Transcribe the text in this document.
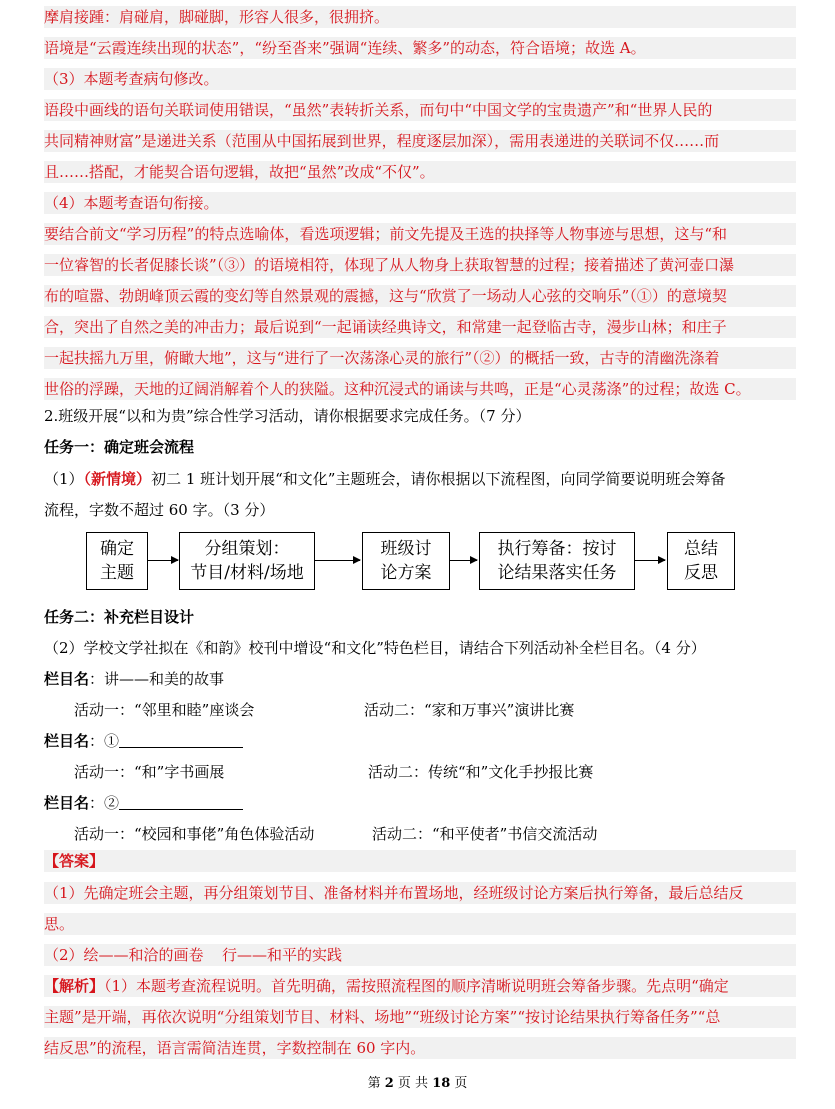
摩肩接踵：肩碰肩，脚碰脚，形容人很多，很拥挤。
语境是“云霞连续出现的状态”，“纷至沓来”强调“连续、繁多”的动态，符合语境；故选 A。
（3）本题考查病句修改。
语段中画线的语句关联词使用错误，“虽然”表转折关系，而句中“中国文学的宝贵遗产”和“世界人民的
共同精神财富”是递进关系（范围从中国拓展到世界，程度逐层加深），需用表递进的关联词不仅……而
且……搭配，才能契合语句逻辑，故把“虽然”改成“不仅”。
（4）本题考查语句衔接。
要结合前文“学习历程”的特点选喻体，看选项逻辑；前文先提及王选的抉择等人物事迹与思想，这与“和
一位睿智的长者促膝长谈”（③）的语境相符，体现了从人物身上获取智慧的过程；接着描述了黄河壶口瀑
布的喧嚣、勃朗峰顶云霞的变幻等自然景观的震撼，这与“欣赏了一场动人心弦的交响乐”（①）的意境契
合，突出了自然之美的冲击力；最后说到“一起诵读经典诗文，和常建一起登临古寺，漫步山林；和庄子
一起扶摇九万里，俯瞰大地”，这与“进行了一次荡涤心灵的旅行”（②）的概括一致，古寺的清幽洗涤着
世俗的浮躁，天地的辽阔消解着个人的狭隘。这种沉浸式的诵读与共鸣，正是“心灵荡涤”的过程；故选 C。
2.班级开展“以和为贵”综合性学习活动，请你根据要求完成任务。（7 分）
任务一：确定班会流程
（1）（新情境）初二 1 班计划开展“和文化”主题班会，请你根据以下流程图，向同学简要说明班会筹备
流程，字数不超过 60 字。（3 分）
确定
主题
分组策划：
节目/材料/场地
班级讨
论方案
执行筹备：按讨
论结果落实任务
总结
反思
任务二：补充栏目设计
（2）学校文学社拟在《和韵》校刊中增设“和文化”特色栏目，请结合下列活动补全栏目名。（4 分）
栏目名：讲——和美的故事
活动一：“邻里和睦”座谈会	活动二：“家和万事兴”演讲比赛
栏目名：①
活动一：“和”字书画展	活动二：传统“和”文化手抄报比赛
栏目名：②
活动一：“校园和事佬”角色体验活动	活动二：“和平使者”书信交流活动
【答案】
（1）先确定班会主题，再分组策划节目、准备材料并布置场地，经班级讨论方案后执行筹备，最后总结反
思。
（2）绘——和洽的画卷 行——和平的实践
【解析】（1）本题考查流程说明。首先明确，需按照流程图的顺序清晰说明班会筹备步骤。先点明“确定
主题”是开端，再依次说明“分组策划节目、材料、场地”“班级讨论方案”“按讨论结果执行筹备任务”“总
结反思”的流程，语言需简洁连贯，字数控制在 60 字内。
第 2 页 共 18 页
